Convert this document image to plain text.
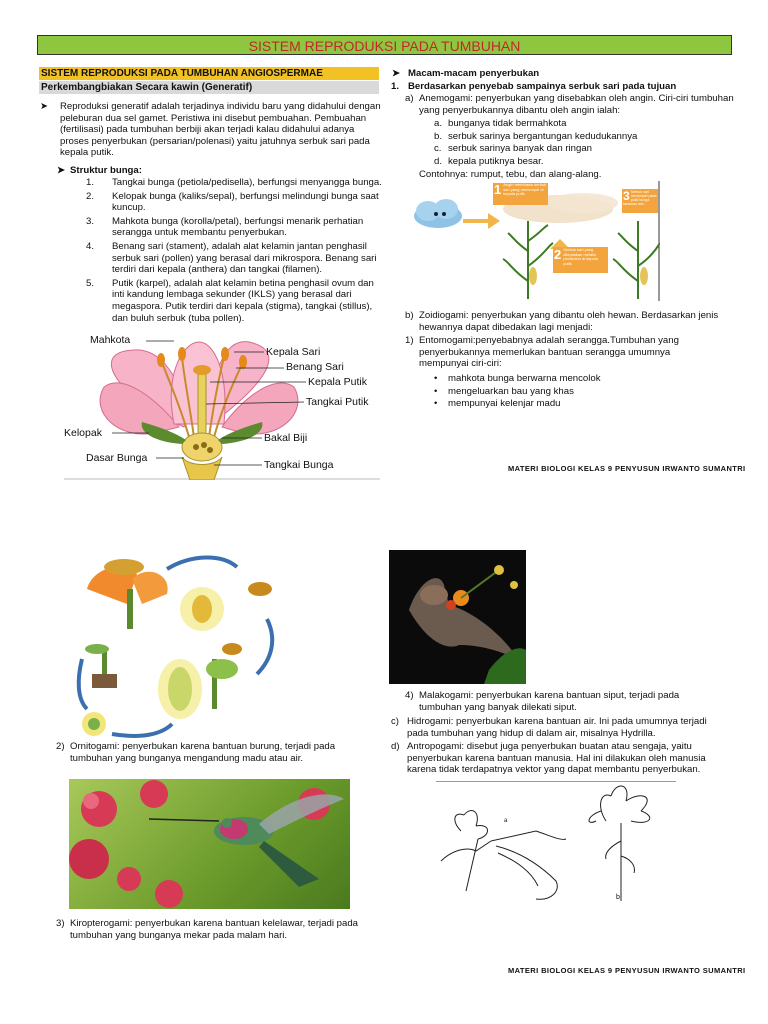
SISTEM REPRODUKSI PADA TUMBUHAN
SISTEM REPRODUKSI PADA TUMBUHAN ANGIOSPERMAE
Perkembangbiakan Secara kawin (Generatif)
➤ Reproduksi generatif adalah terjadinya individu baru yang didahului dengan peleburan dua sel gamet. Peristiwa ini disebut pembuahan. Pembuahan (fertilisasi) pada tumbuhan berbiji akan terjadi kalau didahului adanya proses penyerbukan (persarian/polenasi) yaitu jatuhnya serbuk sari pada kepala putik.
➤ Struktur bunga:
1. Tangkai bunga (petiola/pedisella), berfungsi menyangga bunga.
2. Kelopak bunga (kaliks/sepal), berfungsi melindungi bunga saat kuncup.
3. Mahkota bunga (korolla/petal), berfungsi menarik perhatian serangga untuk membantu penyerbukan.
4. Benang sari (stament), adalah alat kelamin jantan penghasil serbuk sari (pollen) yang berasal dari mikrospora. Benang sari terdiri dari kepala (anthera) dan tangkai (filamen).
5. Putik (karpel), adalah alat kelamin betina penghasil ovum dan inti kandung lembaga sekunder (IKLS) yang berasal dari megaspora. Putik terdiri dari kepala (stigma), tangkai (stillus), dan buluh serbuk (tuba pollen).
Mahkota
Kepala Sari
Benang Sari
Kepala Putik
Tangkai Putik
Kelopak	Bakal Biji
Dasar Bunga
Tangkai Bunga
➤ Macam-macam penyerbukan
1. Berdasarkan penyebab sampainya serbuk sari pada tujuan
a) Anemogami: penyerbukan yang disebabkan oleh angin. Ciri-ciri tumbuhan yang penyerbukannya dibantu oleh angin ialah:
a. bunganya tidak bermahkota
b. serbuk sarinya bergantungan kedudukannya
c. serbuk sarinya banyak dan ringan
d. kepala putiknya besar.
Contohnya: rumput, tebu, dan alang-alang.
1 Angin membawa serbuk sari yang menempel di kepala putik.
2 Serbuk sari yang dilepaskan melalui pembuluh di kepala putik.
3 Serbuk sari menempel pada putik bunga tanaman lain.
b) Zoidiogami: penyerbukan yang dibantu oleh hewan. Berdasarkan jenis hewannya dapat dibedakan lagi menjadi:
1) Entomogami:penyebabnya adalah serangga.Tumbuhan yang penyerbukannya memerlukan bantuan serangga umumnya mempunyai ciri-ciri:
• mahkota bunga berwarna mencolok
• mengeluarkan bau yang khas
• mempunyai kelenjar madu
MATERI BIOLOGI KELAS 9 PENYUSUN IRWANTO SUMANTRI
2) Ornitogami: penyerbukan karena bantuan burung, terjadi pada tumbuhan yang bunganya mengandung madu atau air.
3) Kiropterogami: penyerbukan karena bantuan kelelawar, terjadi pada tumbuhan yang bunganya mekar pada malam hari.
4) Malakogami: penyerbukan karena bantuan siput, terjadi pada tumbuhan yang banyak dilekati siput.
c) Hidrogami: penyerbukan karena bantuan air. Ini pada umumnya terjadi pada tumbuhan yang hidup di dalam air, misalnya Hydrilla.
d) Antropogami: disebut juga penyerbukan buatan atau sengaja, yaitu penyerbukan karena bantuan manusia. Hal ini dilakukan oleh manusia karena tidak terdapatnya vektor yang dapat membantu penyerbukan.
a
b
MATERI BIOLOGI KELAS 9 PENYUSUN IRWANTO SUMANTRI
